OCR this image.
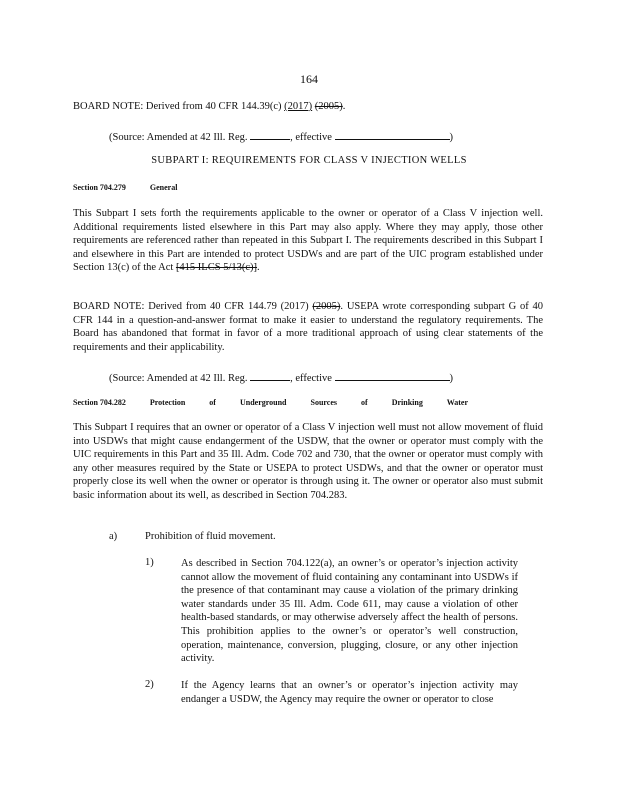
164
BOARD NOTE: Derived from 40 CFR 144.39(c) (2017) (2005).
(Source: Amended at 42 Ill. Reg.	, effective	)
SUBPART I: REQUIREMENTS FOR CLASS V INJECTION WELLS
Section 704.279	General
This Subpart I sets forth the requirements applicable to the owner or operator of a Class V injection well. Additional requirements listed elsewhere in this Part may also apply. Where they may apply, those other requirements are referenced rather than repeated in this Subpart I. The requirements described in this Subpart I and elsewhere in this Part are intended to protect USDWs and are part of the UIC program established under Section 13(c) of the Act [415 ILCS 5/13(c)].
BOARD NOTE: Derived from 40 CFR 144.79 (2017) (2005). USEPA wrote corresponding subpart G of 40 CFR 144 in a question-and-answer format to make it easier to understand the regulatory requirements. The Board has abandoned that format in favor of a more traditional approach of using clear statements of the requirements and their applicability.
(Source: Amended at 42 Ill. Reg.	, effective	)
Section 704.282	Protection	of	Underground	Sources	of	Drinking	Water
This Subpart I requires that an owner or operator of a Class V injection well must not allow movement of fluid into USDWs that might cause endangerment of the USDW, that the owner or operator must comply with the UIC requirements in this Part and 35 Ill. Adm. Code 702 and 730, that the owner or operator must comply with any other measures required by the State or USEPA to protect USDWs, and that the owner or operator must properly close its well when the owner or operator is through using it. The owner or operator also must submit basic information about its well, as described in Section 704.283.
a)	Prohibition of fluid movement.
1)	As described in Section 704.122(a), an owner’s or operator’s injection activity cannot allow the movement of fluid containing any contaminant into USDWs if the presence of that contaminant may cause a violation of the primary drinking water standards under 35 Ill. Adm. Code 611, may cause a violation of other health-based standards, or may otherwise adversely affect the health of persons. This prohibition applies to the owner’s or operator’s well construction, operation, maintenance, conversion, plugging, closure, or any other injection activity.
2)	If the Agency learns that an owner’s or operator’s injection activity may endanger a USDW, the Agency may require the owner or operator to close
